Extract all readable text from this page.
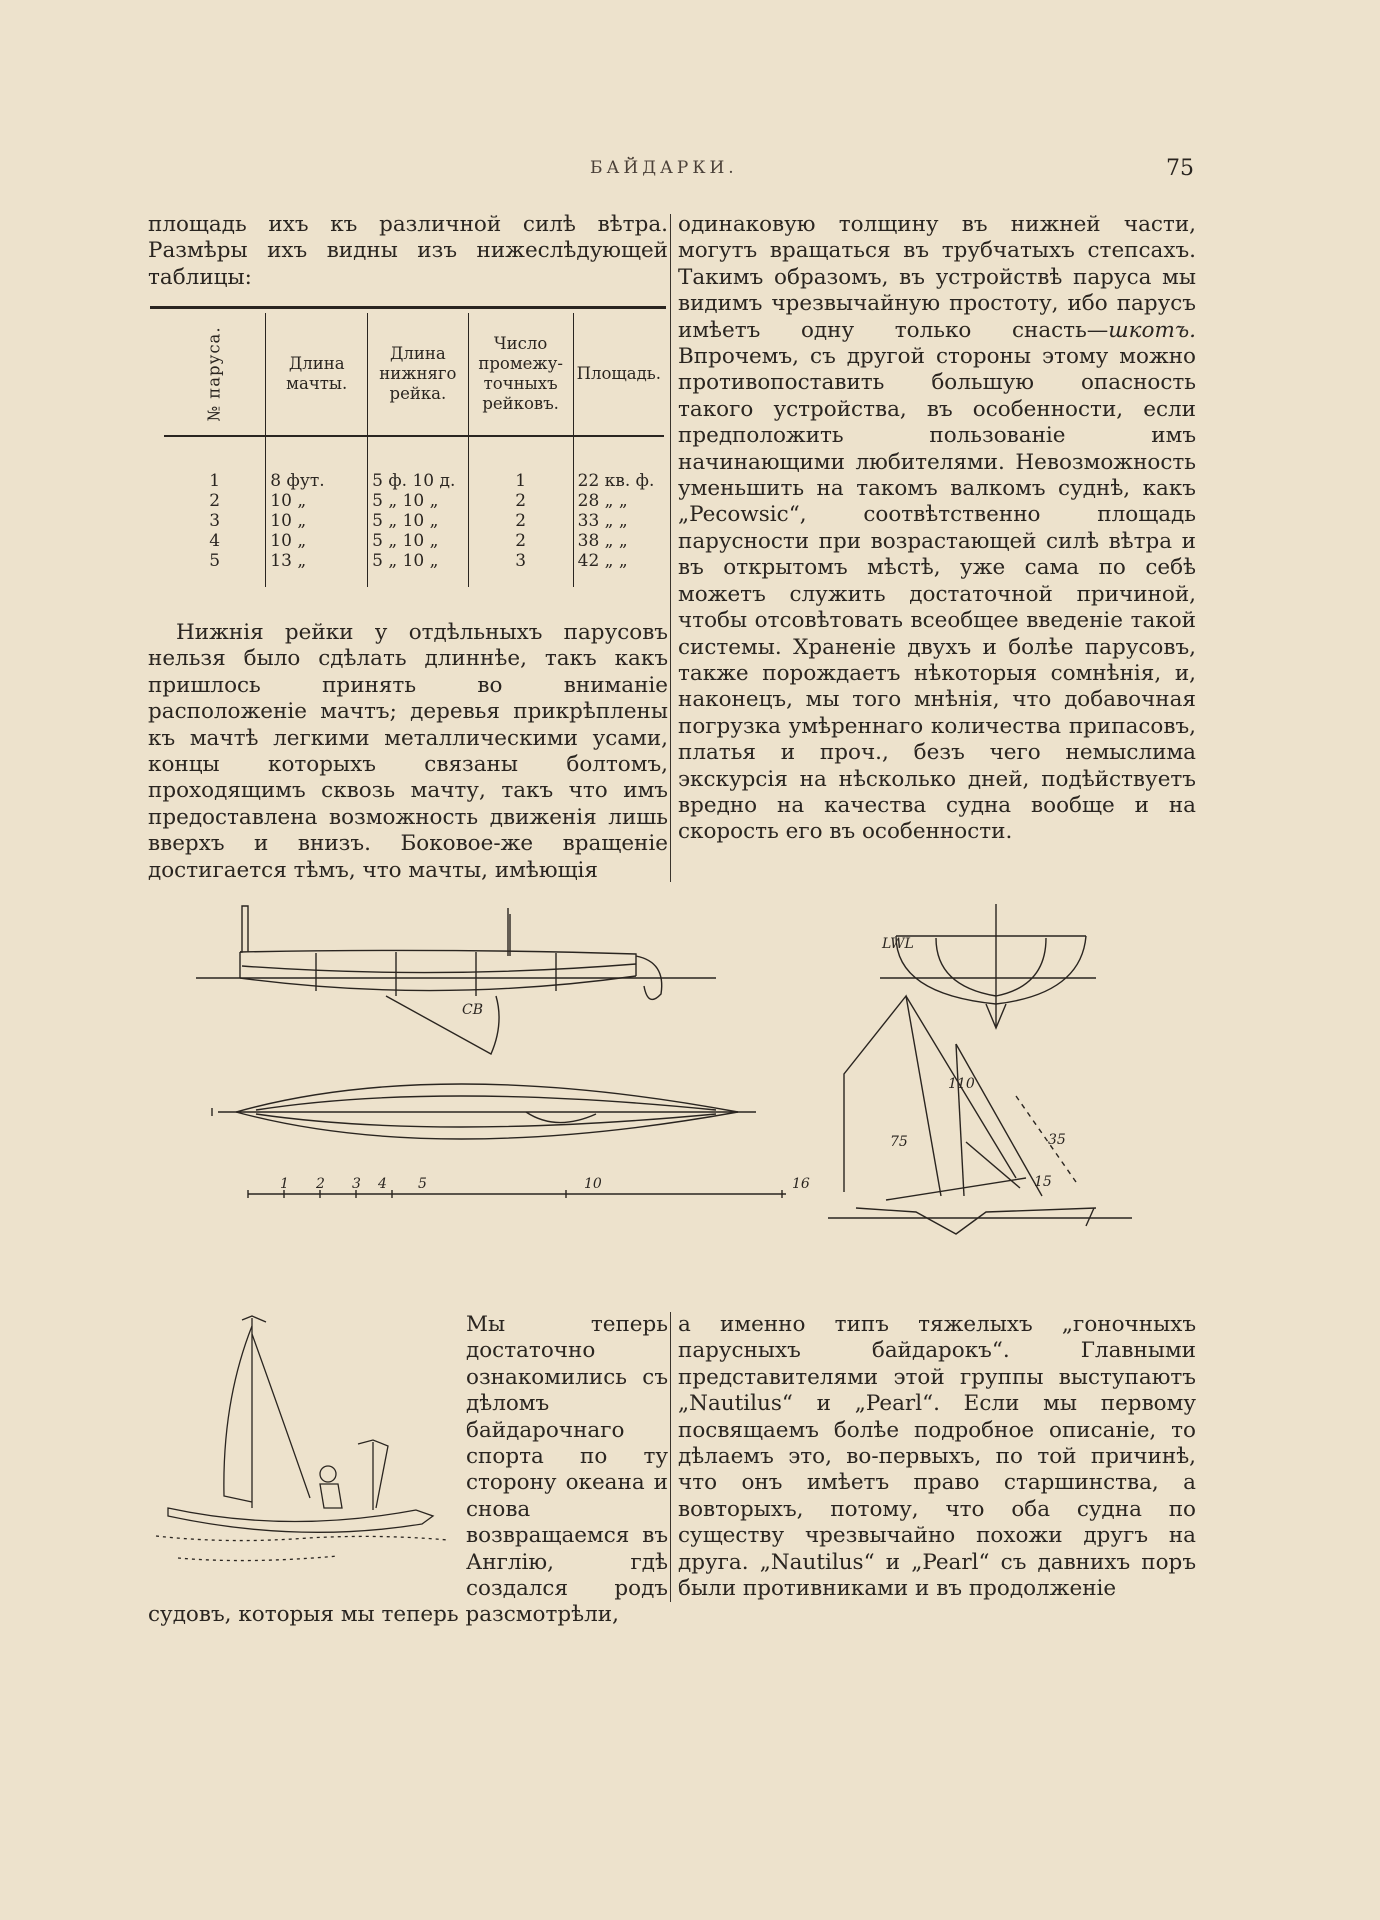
БАЙДАРКИ.	75

площадь ихъ къ различной силѣ вѣтра.

Размѣры ихъ видны изъ нижеслѣдующей

таблицы:

№ паруса.	Длина мачты.	Длина нижняго рейка.	Число промежу-точныхъ рейковъ.	Площадь.

1	8 фут.	5 ф. 10 д.	1	22 кв. ф.
2	10 „	5 „ 10 „	2	28 „ „
3	10 „	5 „ 10 „	2	33 „ „
4	10 „	5 „ 10 „	2	38 „ „
5	13 „	5 „ 10 „	3	42 „ „

Нижнія рейки у отдѣльныхъ парусовъ нельзя было сдѣлать длиннѣе, такъ какъ пришлось принять во вниманіе расположеніе мачтъ; деревья прикрѣплены къ мачтѣ легкими металлическими усами, концы которыхъ связаны болтомъ, проходящимъ сквозь мачту, такъ что имъ предоставлена возможность движенія лишь вверхъ и внизъ. Боковое-же вращеніе достигается тѣмъ, что мачты, имѣющія

одинаковую толщину въ нижней части, могутъ вращаться въ трубчатыхъ степсахъ. Такимъ образомъ, въ устройствѣ паруса мы видимъ чрезвычайную простоту, ибо парусъ имѣетъ одну только снасть—шкотъ. Впрочемъ, съ другой стороны этому можно противопоставить большую опасность такого устройства, въ особенности, если предположить пользованіе имъ начинающими любителями. Невозможность уменьшить на такомъ валкомъ суднѣ, какъ „Pecowsic“, соотвѣтственно площадь парусности при возрастающей силѣ вѣтра и въ открытомъ мѣстѣ, уже сама по себѣ можетъ служить достаточной причиной, чтобы отсовѣтовать всеобщее введеніе такой системы. Храненіе двухъ и болѣе парусовъ, также порождаетъ нѣкоторыя сомнѣнія, и, наконецъ, мы того мнѣнія, что добавочная погрузка умѣреннаго количества припасовъ, платья и проч., безъ чего немыслима экскурсія на нѣсколько дней, подѣйствуетъ вредно на качества судна вообще и на скорость его въ особенности.

CB
LWL
1 2 3 4 5	10	16
110
75	35
15

Мы теперь достаточно ознакомились съ дѣломъ байдарочнаго спорта по ту сторону океана и снова возвращаемся въ Англію, гдѣ создался родъ судовъ, которыя мы теперь разсмотрѣли,

а именно типъ тяжелыхъ „гоночныхъ парусныхъ байдарокъ“. Главными представителями этой группы выступаютъ „Nautilus“ и „Pearl“. Если мы первому посвящаемъ болѣе подробное описаніе, то дѣлаемъ это, во-первыхъ, по той причинѣ, что онъ имѣетъ право старшинства, а вовторыхъ, потому, что оба судна по существу чрезвычайно похожи другъ на друга. „Nautilus“ и „Pearl“ съ давнихъ поръ были противниками и въ продолженіе
